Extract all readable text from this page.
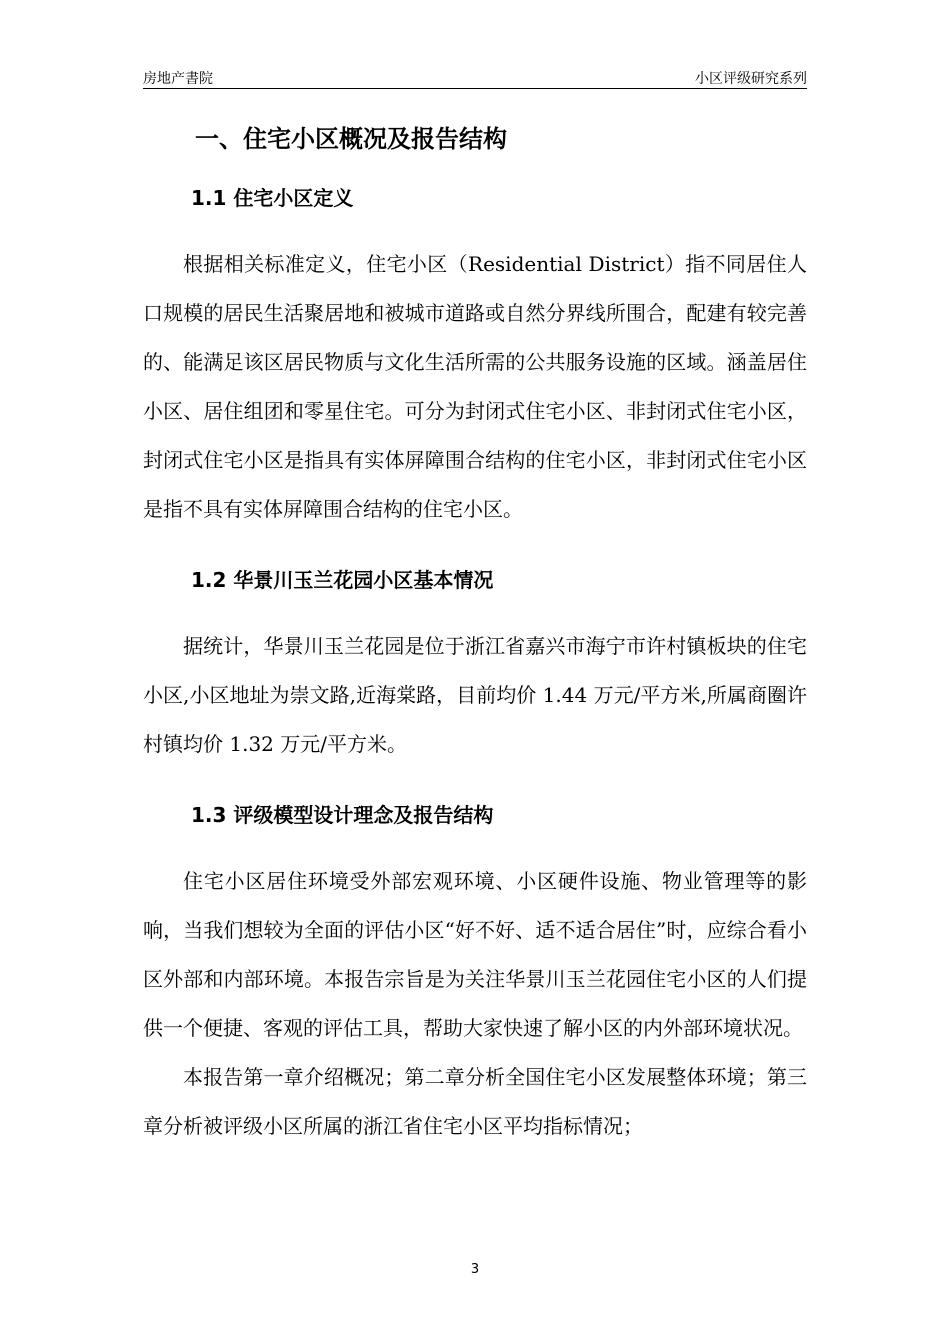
房地产書院	小区评级研究系列
一、住宅小区概况及报告结构
1.1 住宅小区定义

根据相关标准定义，住宅小区（Residential District）指不同居住人口规模的居民生活聚居地和被城市道路或自然分界线所围合，配建有较完善的、能满足该区居民物质与文化生活所需的公共服务设施的区域。涵盖居住小区、居住组团和零星住宅。可分为封闭式住宅小区、非封闭式住宅小区，封闭式住宅小区是指具有实体屏障围合结构的住宅小区，非封闭式住宅小区是指不具有实体屏障围合结构的住宅小区。

1.2 华景川玉兰花园小区基本情况

据统计，华景川玉兰花园是位于浙江省嘉兴市海宁市许村镇板块的住宅小区,小区地址为崇文路,近海棠路，目前均价 1.44 万元/平方米,所属商圈许村镇均价 1.32 万元/平方米。

1.3 评级模型设计理念及报告结构

住宅小区居住环境受外部宏观环境、小区硬件设施、物业管理等的影响，当我们想较为全面的评估小区“好不好、适不适合居住”时，应综合看小区外部和内部环境。本报告宗旨是为关注华景川玉兰花园住宅小区的人们提供一个便捷、客观的评估工具，帮助大家快速了解小区的内外部环境状况。

本报告第一章介绍概况；第二章分析全国住宅小区发展整体环境；第三章分析被评级小区所属的浙江省住宅小区平均指标情况；

3
